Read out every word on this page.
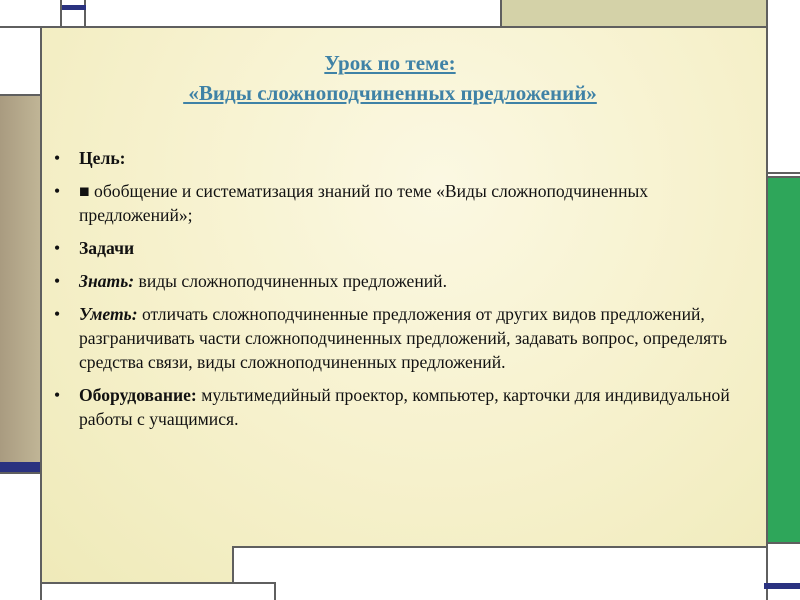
Урок по теме:
«Виды сложноподчиненных предложений»
• Цель:
• ■ обобщение и систематизация знаний по теме «Виды сложноподчиненных предложений»;
• Задачи
• Знать: виды сложноподчиненных предложений.
• Уметь: отличать сложноподчиненные предложения от других видов предложений, разграничивать части сложноподчиненных предложений, задавать вопрос, определять средства связи, виды сложноподчиненных предложений.
• Оборудование: мультимедийный проектор, компьютер, карточки для индивидуальной работы с учащимися.
